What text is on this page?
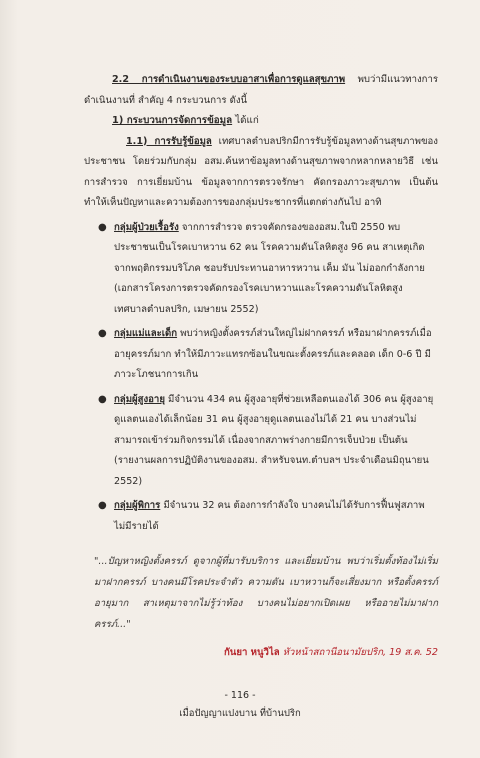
2.2 การดำเนินงานของระบบอาสาเพื่อการดูแลสุขภาพ พบว่ามีแนวทางการดำเนินงานที่ สำคัญ 4 กระบวนการ ดังนี้

1) กระบวนการจัดการข้อมูล ได้แก่

1.1) การรับรู้ข้อมูล เทศบาลตำบลปริกมีการรับรู้ข้อมูลทางด้านสุขภาพของประชาชน โดยร่วมกับกลุ่ม อสม.ค้นหาข้อมูลทางด้านสุขภาพจากหลากหลายวิธี เช่น การสำรวจ การเยี่ยมบ้าน ข้อมูลจากการตรวจรักษา คัดกรองภาวะสุขภาพ เป็นต้น ทำให้เห็นปัญหาและความต้องการของกลุ่มประชากรที่แตกต่างกันไป อาทิ

● กลุ่มผู้ป่วยเรื้อรัง จากการสำรวจ ตรวจคัดกรองของอสม.ในปี 2550 พบประชาชนเป็นโรคเบาหวาน 62 คน โรคความดันโลหิตสูง 96 คน สาเหตุเกิดจากพฤติกรรมบริโภค ชอบรับประทานอาหารหวาน เค็ม มัน ไม่ออกกำลังกาย (เอกสารโครงการตรวจคัดกรองโรคเบาหวานและโรคความดันโลหิตสูง เทศบาลตำบลปริก, เมษายน 2552)
● กลุ่มแม่และเด็ก พบว่าหญิงตั้งครรภ์ส่วนใหญ่ไม่ฝากครรภ์ หรือมาฝากครรภ์เมื่ออายุครรภ์มาก ทำให้มีภาวะแทรกซ้อนในขณะตั้งครรภ์และคลอด เด็ก 0-6 ปี มีภาวะโภชนาการเกิน
● กลุ่มผู้สูงอายุ มีจำนวน 434 คน ผู้สูงอายุที่ช่วยเหลือตนเองได้ 306 คน ผู้สูงอายุดูแลตนเองได้เล็กน้อย 31 คน ผู้สูงอายุดูแลตนเองไม่ได้ 21 คน บางส่วนไม่สามารถเข้าร่วมกิจกรรมได้ เนื่องจากสภาพร่างกายมีการเจ็บป่วย เป็นต้น (รายงานผลการปฏิบัติงานของอสม. สำหรับจนท.ตำบลฯ ประจำเดือนมิถุนายน 2552)
● กลุ่มผู้พิการ มีจำนวน 32 คน ต้องการกำลังใจ บางคนไม่ได้รับการฟื้นฟูสภาพ ไม่มีรายได้

"...ปัญหาหญิงตั้งครรภ์ ดูจากผู้ที่มารับบริการ และเยี่ยมบ้าน พบว่าเริ่มตั้งท้องไม่เริ่มมาฝากครรภ์ บางคนมีโรคประจำตัว ความดัน เบาหวานก็จะเสี่ยงมาก หรือตั้งครรภ์อายุมาก สาเหตุมาจากไม่รู้ว่าท้อง บางคนไม่อยากเปิดเผย หรืออายไม่มาฝากครรภ์..."

กันยา หนูวิไล หัวหน้าสถานีอนามัยปริก, 19 ส.ค. 52
- 116 -
เมื่อปัญญาแปงบาน ที่บ้านปริก
